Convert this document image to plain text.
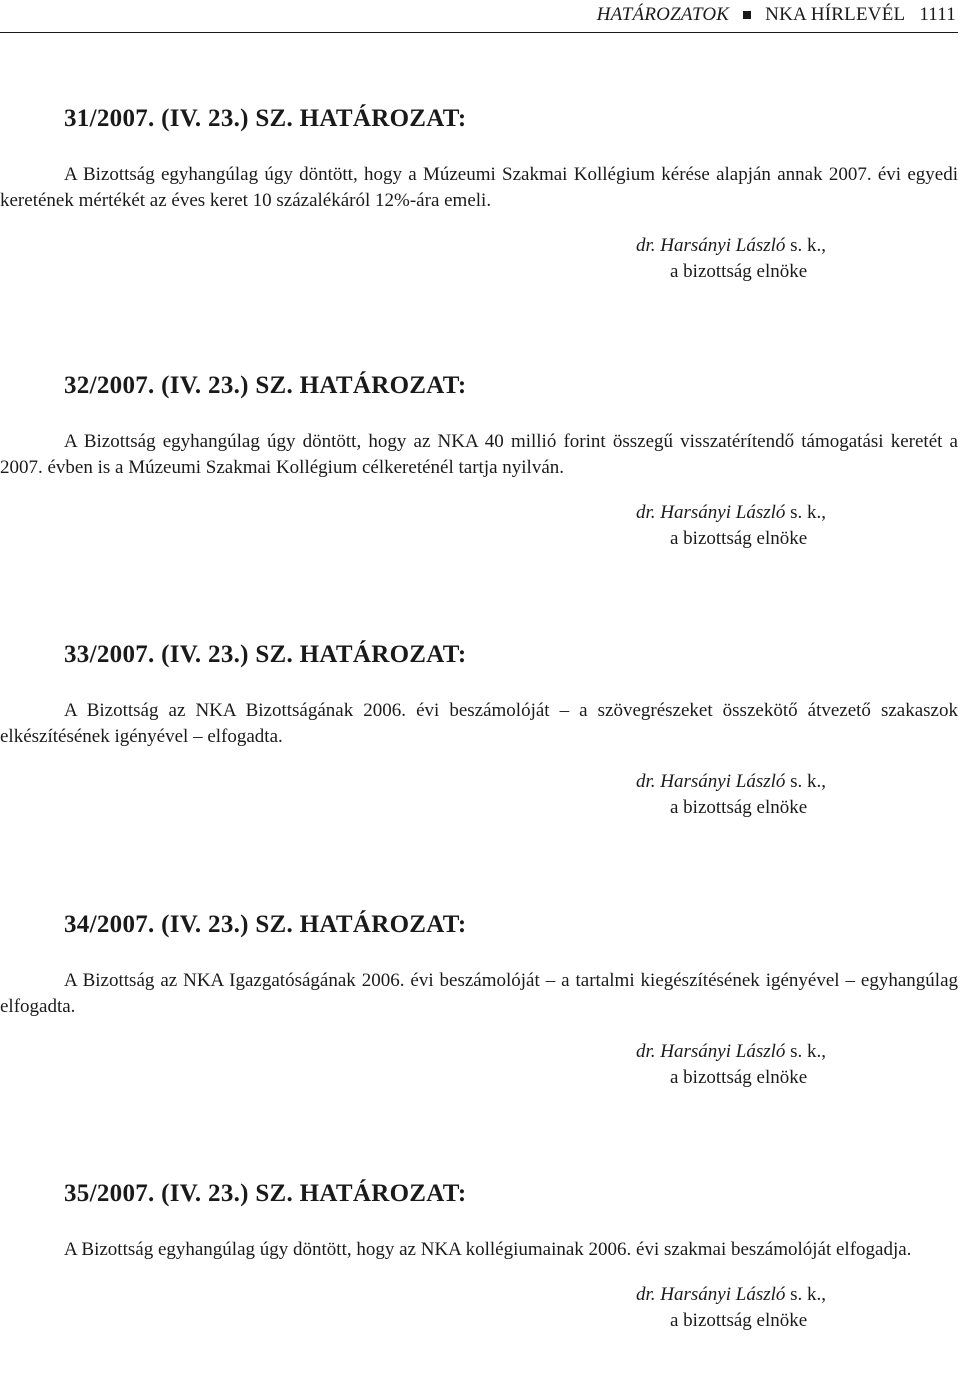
HATÁROZATOK NKA HÍRLEVÉL 1111
31/2007. (IV. 23.) SZ. HATÁROZAT:

A Bizottság egyhangúlag úgy döntött, hogy a Múzeumi Szakmai Kollégium kérése alapján annak 2007. évi egyedi keretének mértékét az éves keret 10 százalékáról 12%-ára emeli.

dr. Harsányi László s. k.,
a bizottság elnöke
32/2007. (IV. 23.) SZ. HATÁROZAT:

A Bizottság egyhangúlag úgy döntött, hogy az NKA 40 millió forint összegű visszatérítendő támogatási keretét a 2007. évben is a Múzeumi Szakmai Kollégium célkereténél tartja nyilván.

dr. Harsányi László s. k.,
a bizottság elnöke
33/2007. (IV. 23.) SZ. HATÁROZAT:

A Bizottság az NKA Bizottságának 2006. évi beszámolóját – a szövegrészeket összekötő átvezető szakaszok elkészítésének igényével – elfogadta.

dr. Harsányi László s. k.,
a bizottság elnöke
34/2007. (IV. 23.) SZ. HATÁROZAT:

A Bizottság az NKA Igazgatóságának 2006. évi beszámolóját – a tartalmi kiegészítésének igényével – egyhangúlag elfogadta.

dr. Harsányi László s. k.,
a bizottság elnöke
35/2007. (IV. 23.) SZ. HATÁROZAT:

A Bizottság egyhangúlag úgy döntött, hogy az NKA kollégiumainak 2006. évi szakmai beszámolóját elfogadja.

dr. Harsányi László s. k.,
a bizottság elnöke
